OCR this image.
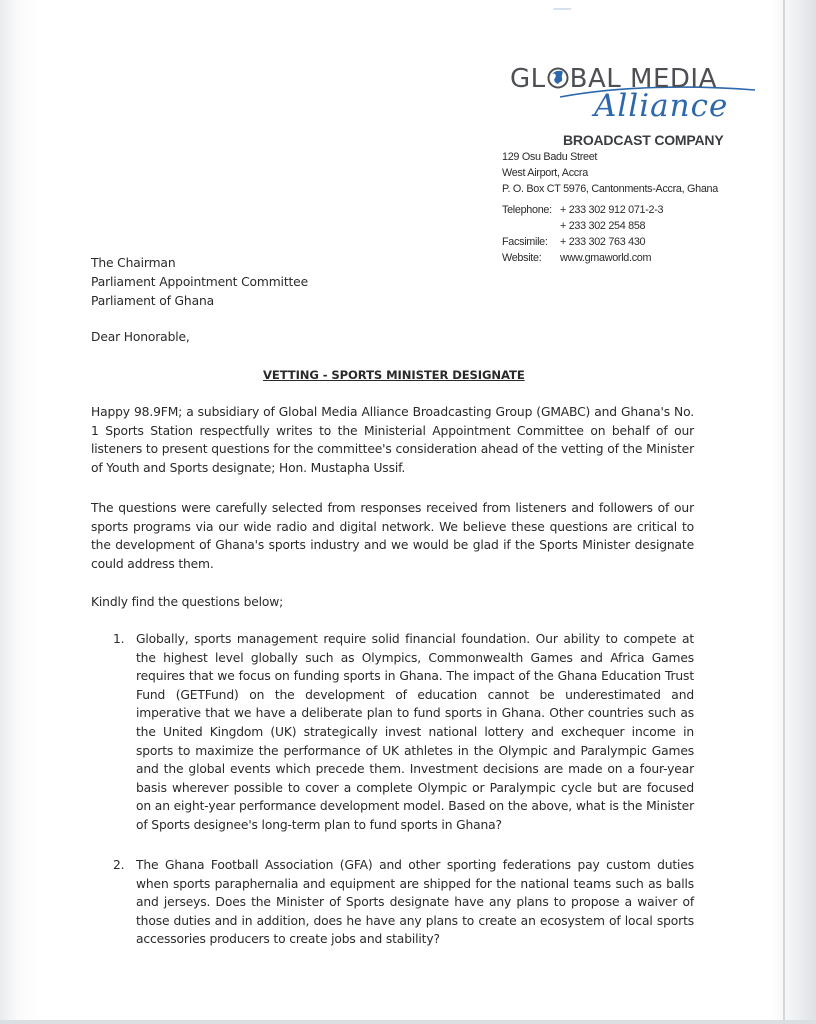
GL BAL MEDIA
Alliance
BROADCAST COMPANY
129 Osu Badu Street
West Airport, Accra
P. O. Box CT 5976, Cantonments-Accra, Ghana
Telephone: + 233 302 912 071-2-3
+ 233 302 254 858
Facsimile: + 233 302 763 430
Website: www.gmaworld.com
The Chairman
Parliament Appointment Committee
Parliament of Ghana
Dear Honorable,
VETTING - SPORTS MINISTER DESIGNATE

Happy 98.9FM; a subsidiary of Global Media Alliance Broadcasting Group (GMABC) and Ghana's No. 1 Sports Station respectfully writes to the Ministerial Appointment Committee on behalf of our listeners to present questions for the committee's consideration ahead of the vetting of the Minister of Youth and Sports designate; Hon. Mustapha Ussif.

The questions were carefully selected from responses received from listeners and followers of our sports programs via our wide radio and digital network. We believe these questions are critical to the development of Ghana's sports industry and we would be glad if the Sports Minister designate could address them.

Kindly find the questions below;
1. Globally, sports management require solid financial foundation. Our ability to compete at the highest level globally such as Olympics, Commonwealth Games and Africa Games requires that we focus on funding sports in Ghana. The impact of the Ghana Education Trust Fund (GETFund) on the development of education cannot be underestimated and imperative that we have a deliberate plan to fund sports in Ghana. Other countries such as the United Kingdom (UK) strategically invest national lottery and exchequer income in sports to maximize the performance of UK athletes in the Olympic and Paralympic Games and the global events which precede them. Investment decisions are made on a four-year basis wherever possible to cover a complete Olympic or Paralympic cycle but are focused on an eight-year performance development model. Based on the above, what is the Minister of Sports designee's long-term plan to fund sports in Ghana?

2. The Ghana Football Association (GFA) and other sporting federations pay custom duties when sports paraphernalia and equipment are shipped for the national teams such as balls and jerseys. Does the Minister of Sports designate have any plans to propose a waiver of those duties and in addition, does he have any plans to create an ecosystem of local sports accessories producers to create jobs and stability?
